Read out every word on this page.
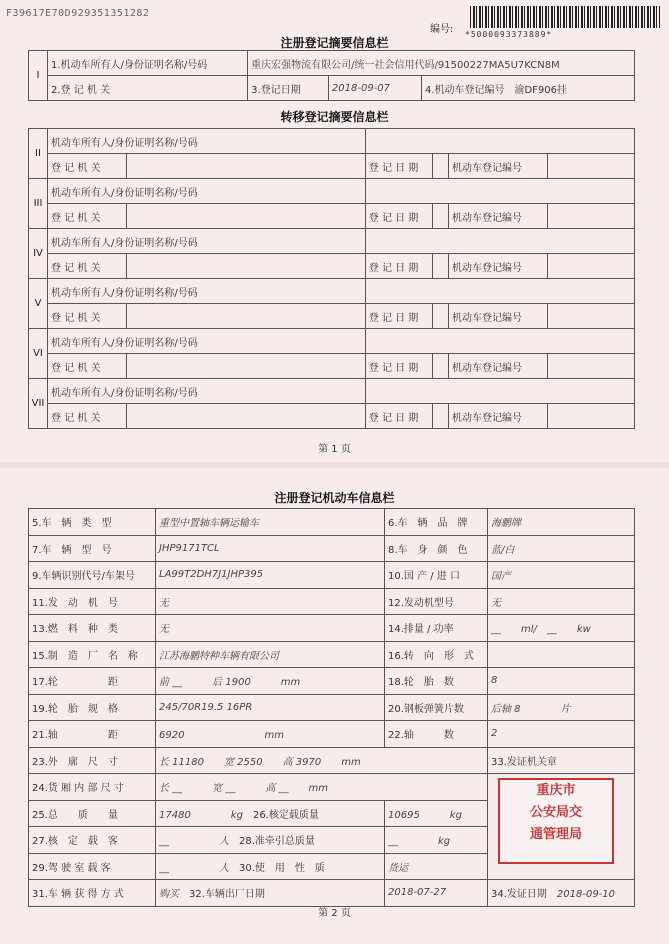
F39617E70D929351351282
编号: *5000093373889*
注册登记摘要信息栏
I	1.机动车所有人/身份证明名称/号码	重庆宏强物流有限公司/统一社会信用代码/91500227MA5U7KCN8M		
	2.登 记 机 关	3.登记日期	2018-09-07	4.机动车登记编号　 渝DF906挂
转移登记摘要信息栏
II	机动车所有人/身份证明名称/号码					
	登 记 机 关		登 记 日 期		机动车登记编号	
III	机动车所有人/身份证明名称/号码					
	登 记 机 关		登 记 日 期		机动车登记编号	
IV	机动车所有人/身份证明名称/号码					
	登 记 机 关		登 记 日 期		机动车登记编号	
V	机动车所有人/身份证明名称/号码					
	登 记 机 关		登 记 日 期		机动车登记编号	
VI	机动车所有人/身份证明名称/号码					
	登 记 机 关		登 记 日 期		机动车登记编号	
VII	机动车所有人/身份证明名称/号码					
	登 记 机 关		登 记 日 期		机动车登记编号	
第 1 页
注册登记机动车信息栏
5.车　辆　类　型	重型中置轴车辆运输车	6.车　辆　品　牌	海鹏牌
7.车　辆　型　号	JHP9171TCL	8.车　身　颜　色	蓝/白
9.车辆识别代号/车架号	LA99T2DH7J1JHP395	10.国 产 / 进 口	国产
11.发　动　机　号	无	12.发动机型号	无
13.燃　料　种　类	无	14.排量 / 功率	__　　ml/　__　　kw
15.制　造　厂　名　称	江苏海鹏特种车辆有限公司	16.转　向　形　式	
17.轮　　　　　距	前 __　　　后 1900　　　mm	18.轮　胎　数	8
19.轮　胎　规　格	245/70R19.5 16PR	20.钢板弹簧片数	后轴 8　　　　片
21.轴　　　　　距	6920　　　　　　　　mm	22.轴　　　数	2
23.外　廓　尺　寸	长 11180　　宽 2550　　高 3970　　mm		33.发证机关章
24.货 厢 内 部 尺 寸	长 __　　　宽 __　　　高 __　　mm		
25.总　　质　　量	17480　　　　kg　 26.核定载质量	10695　　　kg	
27.核　定　载　客	__　　　　　人　 28.准牵引总质量	__　　　　kg	
29.驾 驶 室 载 客	__　　　　　人　 30.使　用　性　质	货运	
31.车 辆 获 得 方 式	购买　 32.车辆出厂日期	2018-07-27	34.发证日期　 2018-09-10
重庆市
公安局交
通管理局
第 2 页
